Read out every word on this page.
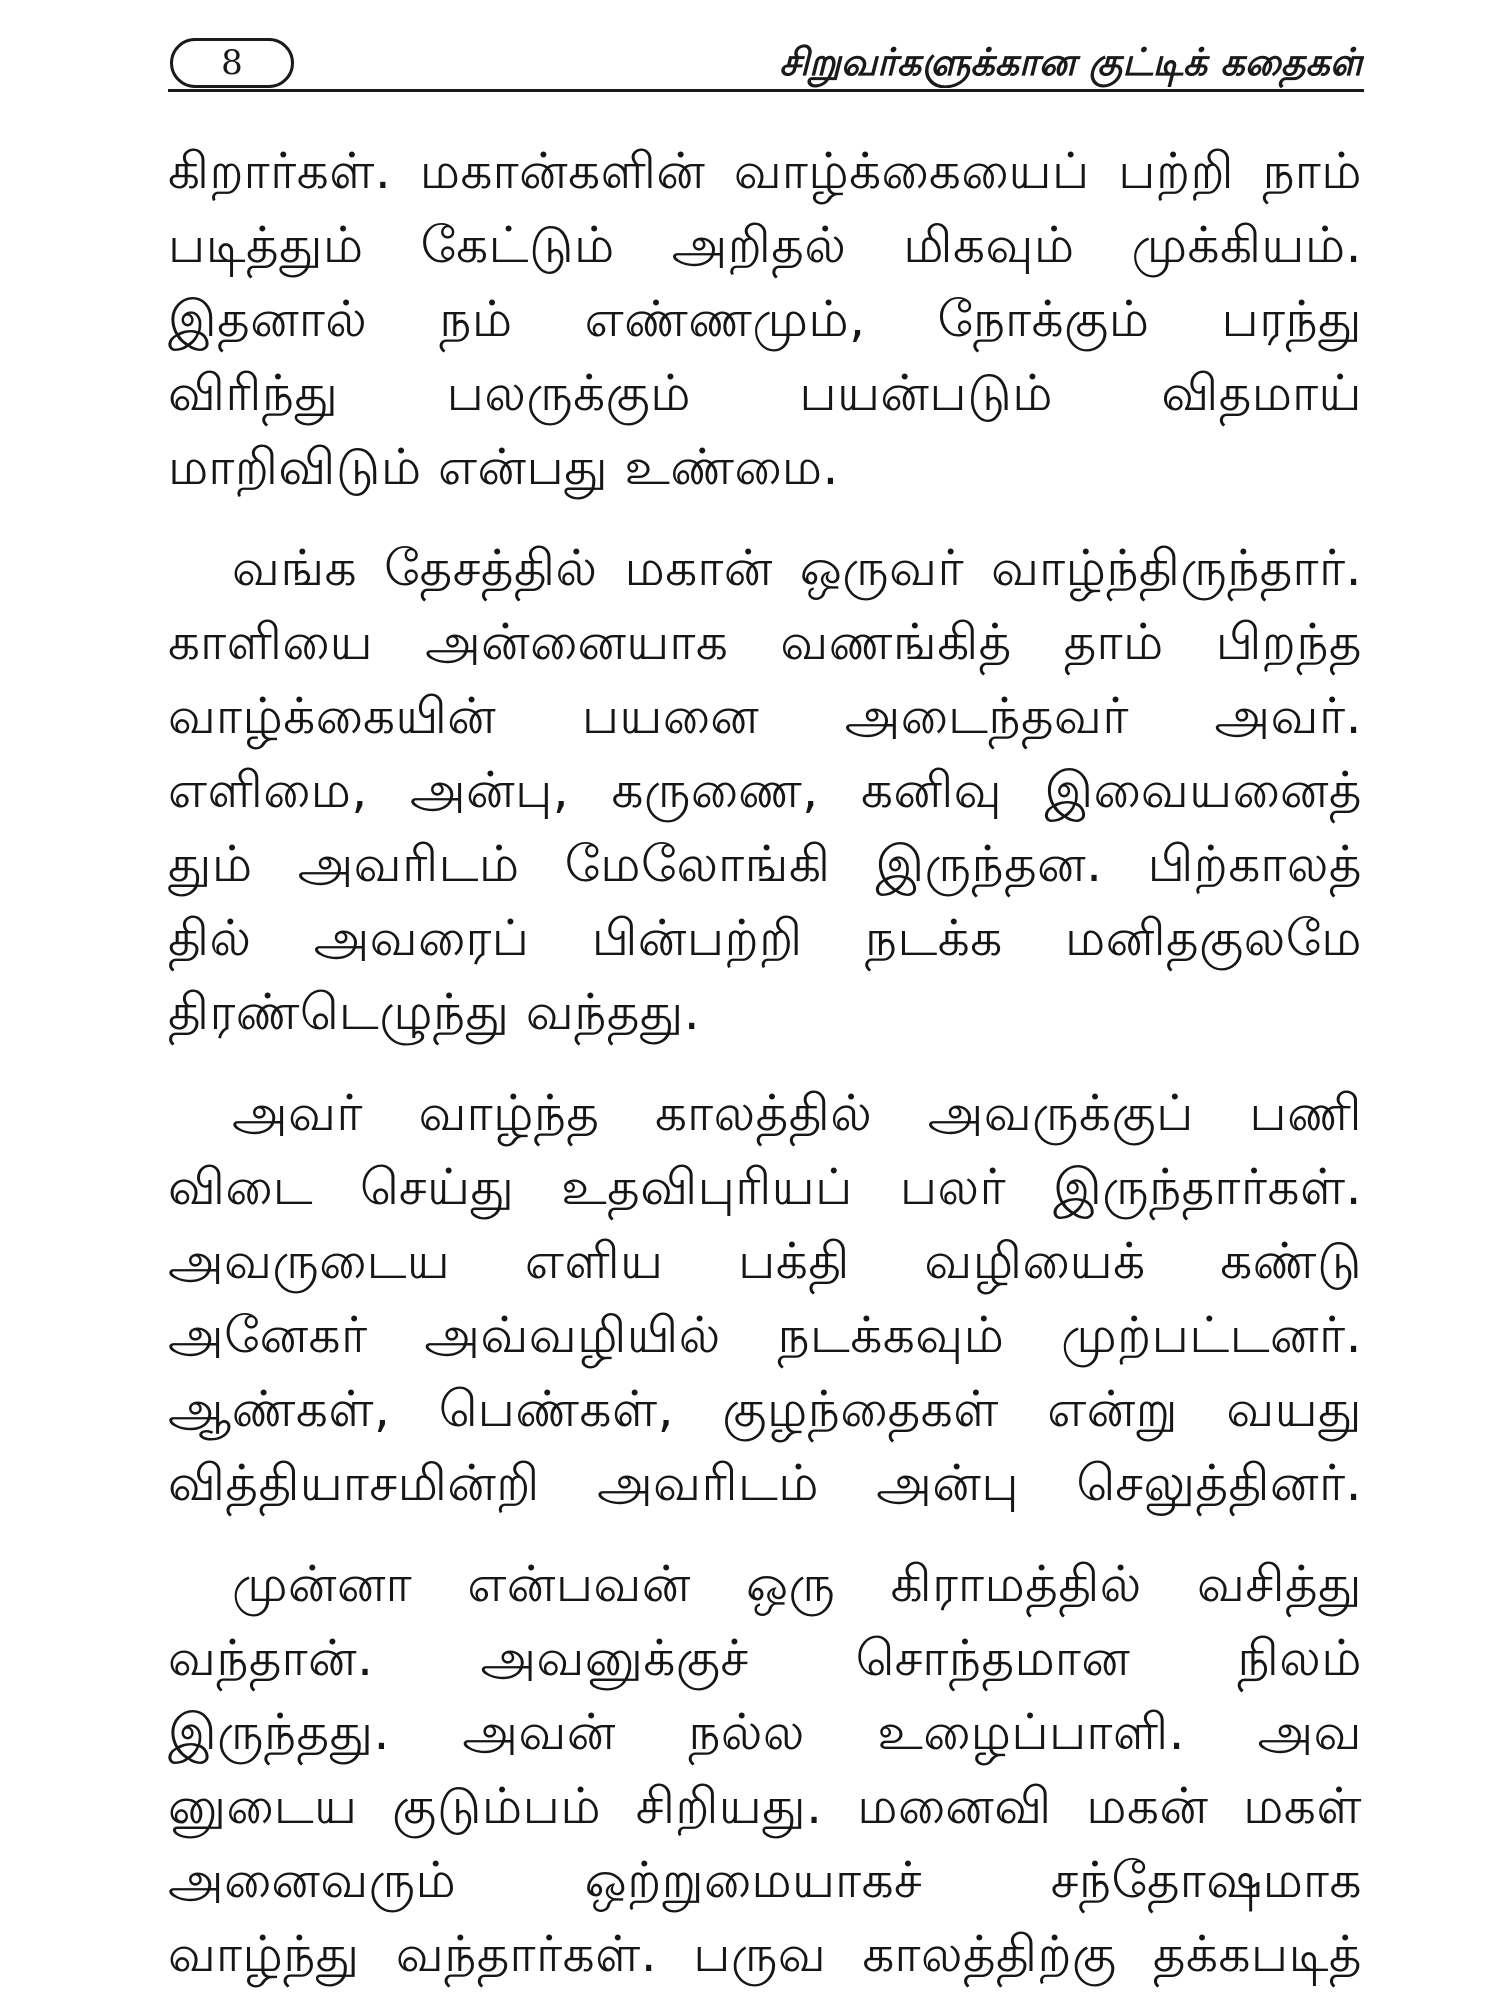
8	சிறுவர்களுக்கான குட்டிக் கதைகள்
கிறார்கள். மகான்களின் வாழ்க்கையைப் பற்றி நாம்
படித்தும் கேட்டும் அறிதல் மிகவும் முக்கியம்.
இதனால் நம் எண்ணமும், நோக்கும் பரந்து
விரிந்து பலருக்கும் பயன்படும் விதமாய்
மாறிவிடும் என்பது உண்மை.
வங்க தேசத்தில் மகான் ஒருவர் வாழ்ந்திருந்தார்.
காளியை அன்னையாக வணங்கித் தாம் பிறந்த
வாழ்க்கையின் பயனை அடைந்தவர் அவர்.
எளிமை, அன்பு, கருணை, கனிவு இவையனைத்
தும் அவரிடம் மேலோங்கி இருந்தன. பிற்காலத்
தில் அவரைப் பின்பற்றி நடக்க மனிதகுலமே
திரண்டெழுந்து வந்தது.
அவர் வாழ்ந்த காலத்தில் அவருக்குப் பணி
விடை செய்து உதவிபுரியப் பலர் இருந்தார்கள்.
அவருடைய எளிய பக்தி வழியைக் கண்டு
அனேகர் அவ்வழியில் நடக்கவும் முற்பட்டனர்.
ஆண்கள், பெண்கள், குழந்தைகள் என்று வயது
வித்தியாசமின்றி அவரிடம் அன்பு செலுத்தினர்.
முன்னா என்பவன் ஒரு கிராமத்தில் வசித்து
வந்தான். அவனுக்குச் சொந்தமான நிலம்
இருந்தது. அவன் நல்ல உழைப்பாளி. அவ
னுடைய குடும்பம் சிறியது. மனைவி மகன் மகள்
அனைவரும் ஒற்றுமையாகச் சந்தோஷமாக
வாழ்ந்து வந்தார்கள். பருவ காலத்திற்கு தக்கபடித்
